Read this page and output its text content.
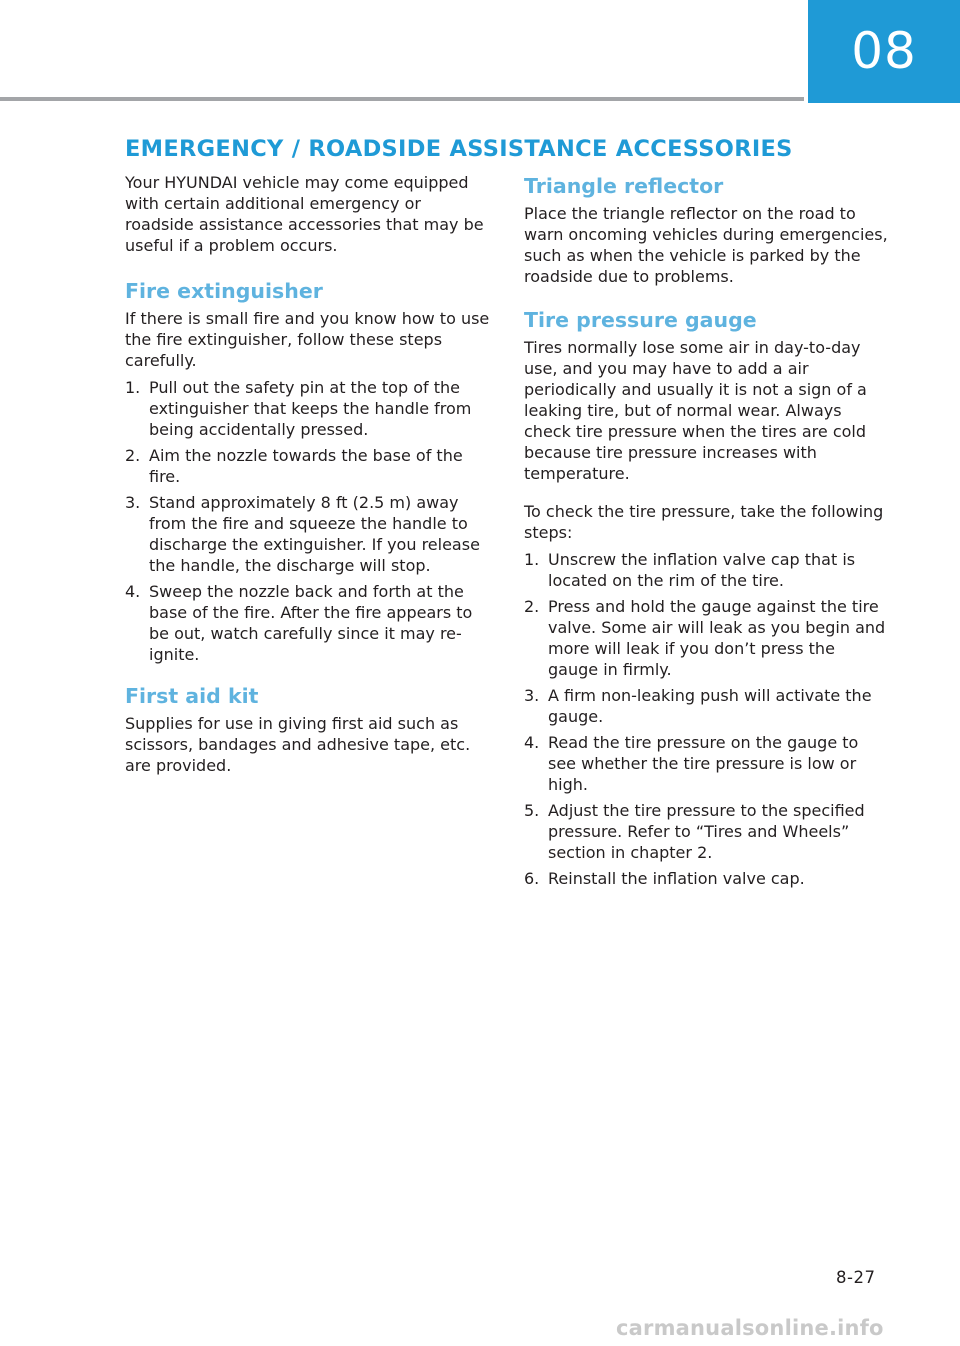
08
EMERGENCY / ROADSIDE ASSISTANCE ACCESSORIES

Your HYUNDAI vehicle may come equipped with certain additional emergency or roadside assistance accessories that may be useful if a problem occurs.

Fire extinguisher

If there is small fire and you know how to use the fire extinguisher, follow these steps carefully.

1. Pull out the safety pin at the top of the extinguisher that keeps the handle from being accidentally pressed.
2. Aim the nozzle towards the base of the fire.
3. Stand approximately 8 ft (2.5 m) away from the fire and squeeze the handle to discharge the extinguisher. If you release the handle, the discharge will stop.
4. Sweep the nozzle back and forth at the base of the fire. After the fire appears to be out, watch carefully since it may re-ignite.
First aid kit

Supplies for use in giving first aid such as scissors, bandages and adhesive tape, etc. are provided.

Triangle reflector

Place the triangle reflector on the road to warn oncoming vehicles during emergencies, such as when the vehicle is parked by the roadside due to problems.

Tire pressure gauge

Tires normally lose some air in day-to-day use, and you may have to add a air periodically and usually it is not a sign of a leaking tire, but of normal wear. Always check tire pressure when the tires are cold because tire pressure increases with temperature.

To check the tire pressure, take the following steps:

1. Unscrew the inflation valve cap that is located on the rim of the tire.
2. Press and hold the gauge against the tire valve. Some air will leak as you begin and more will leak if you don’t press the gauge in firmly.
3. A firm non-leaking push will activate the gauge.
4. Read the tire pressure on the gauge to see whether the tire pressure is low or high.
5. Adjust the tire pressure to the specified pressure. Refer to “Tires and Wheels” section in chapter 2.
6. Reinstall the inflation valve cap.
8-27
carmanualsonline.info
